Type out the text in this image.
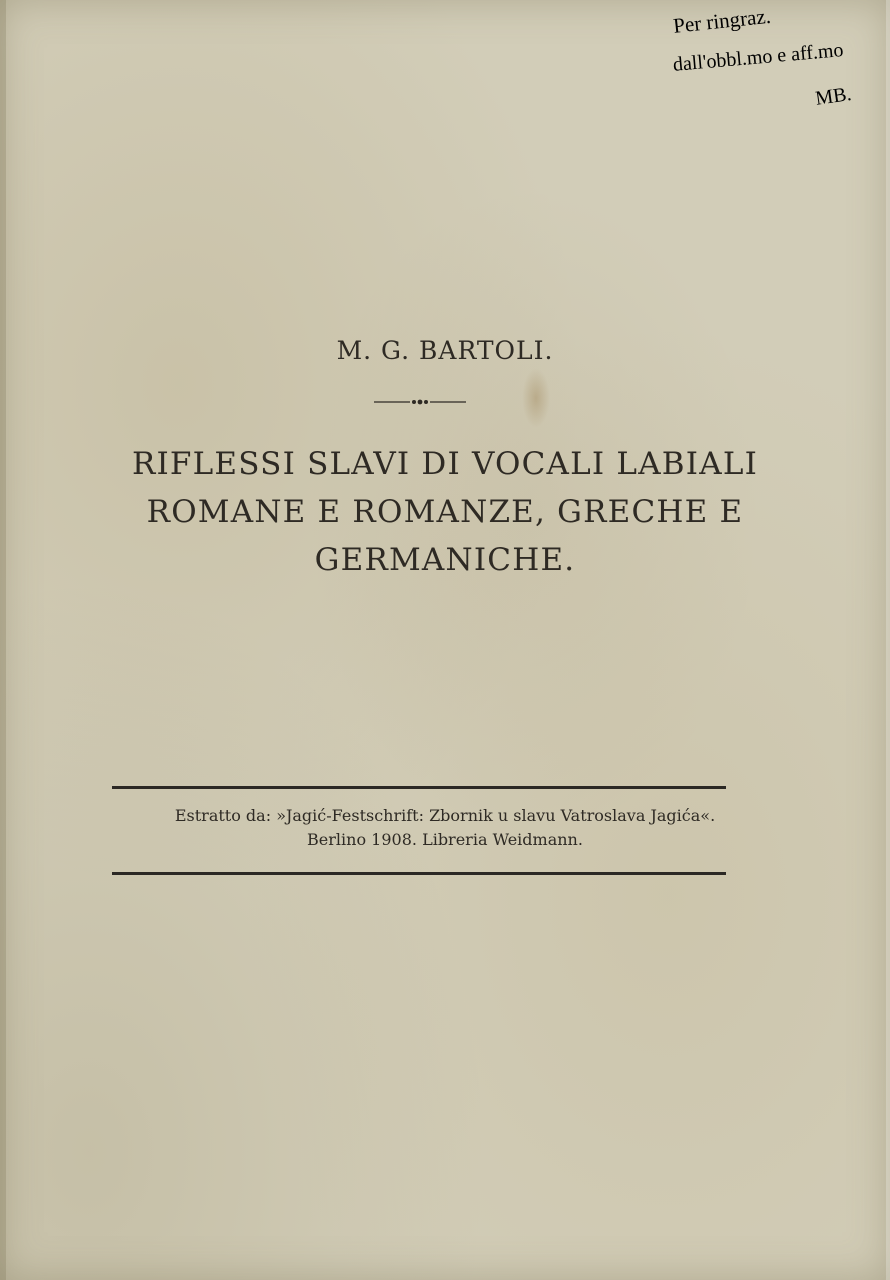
Per ringraz.
dall'obbl.mo e aff.mo
MB.

M. G. BARTOLI.

RIFLESSI SLAVI DI VOCALI LABIALI
ROMANE E ROMANZE, GRECHE E
GERMANICHE.

Estratto da: »Jagić-Festschrift: Zbornik u slavu Vatroslava Jagića«.
Berlino 1908. Libreria Weidmann.
